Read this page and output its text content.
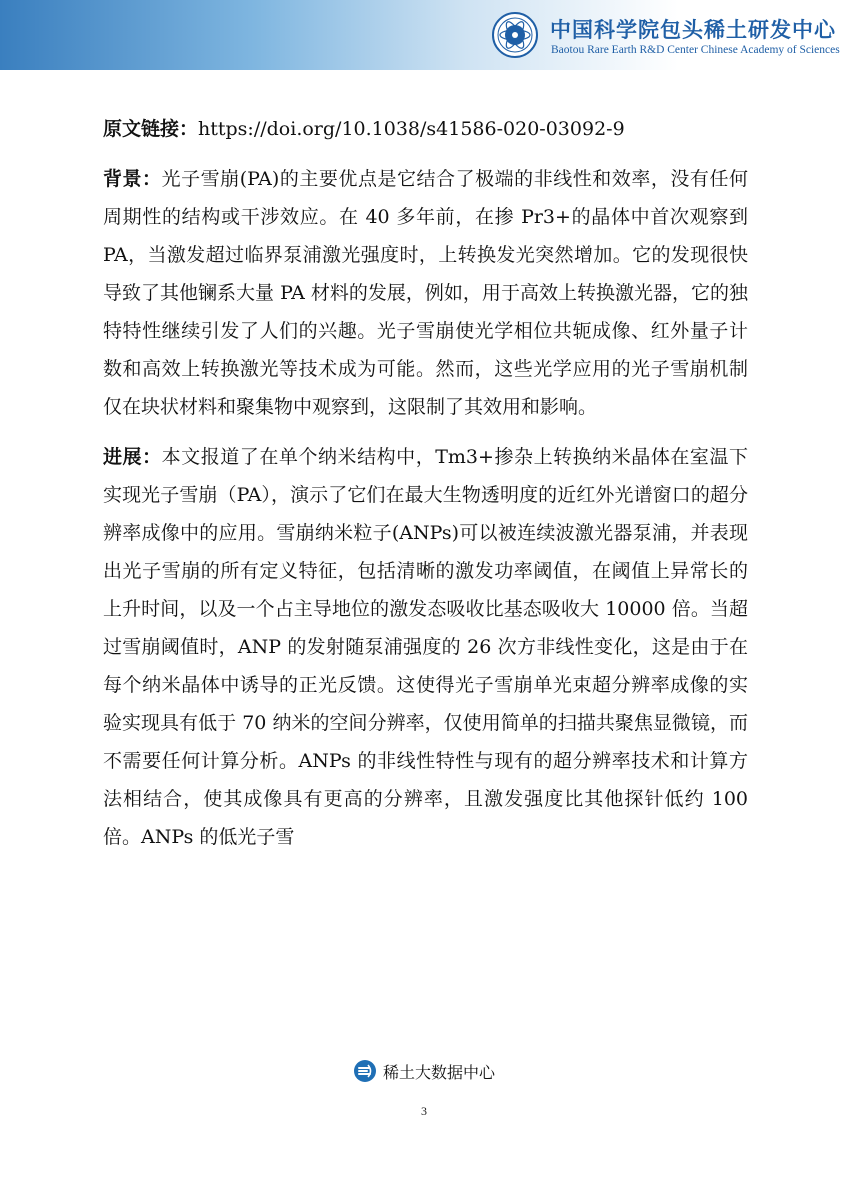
中国科学院包头稀土研发中心
Baotou Rare Earth R&D Center Chinese Academy of Sciences

原文链接：https://doi.org/10.1038/s41586-020-03092-9

背景：光子雪崩(PA)的主要优点是它结合了极端的非线性和效率，没有任何周期性的结构或干涉效应。在 40 多年前，在掺 Pr3+的晶体中首次观察到 PA，当激发超过临界泵浦激光强度时，上转换发光突然增加。它的发现很快导致了其他镧系大量 PA 材料的发展，例如，用于高效上转换激光器，它的独特特性继续引发了人们的兴趣。光子雪崩使光学相位共轭成像、红外量子计数和高效上转换激光等技术成为可能。然而，这些光学应用的光子雪崩机制仅在块状材料和聚集物中观察到，这限制了其效用和影响。

进展：本文报道了在单个纳米结构中，Tm3+掺杂上转换纳米晶体在室温下实现光子雪崩（PA），演示了它们在最大生物透明度的近红外光谱窗口的超分辨率成像中的应用。雪崩纳米粒子(ANPs)可以被连续波激光器泵浦，并表现出光子雪崩的所有定义特征，包括清晰的激发功率阈值，在阈值上异常长的上升时间，以及一个占主导地位的激发态吸收比基态吸收大 10000 倍。当超过雪崩阈值时，ANP 的发射随泵浦强度的 26 次方非线性变化，这是由于在每个纳米晶体中诱导的正光反馈。这使得光子雪崩单光束超分辨率成像的实验实现具有低于 70 纳米的空间分辨率，仅使用简单的扫描共聚焦显微镜，而不需要任何计算分析。ANPs 的非线性特性与现有的超分辨率技术和计算方法相结合，使其成像具有更高的分辨率，且激发强度比其他探针低约 100 倍。ANPs 的低光子雪

稀土大数据中心
3
